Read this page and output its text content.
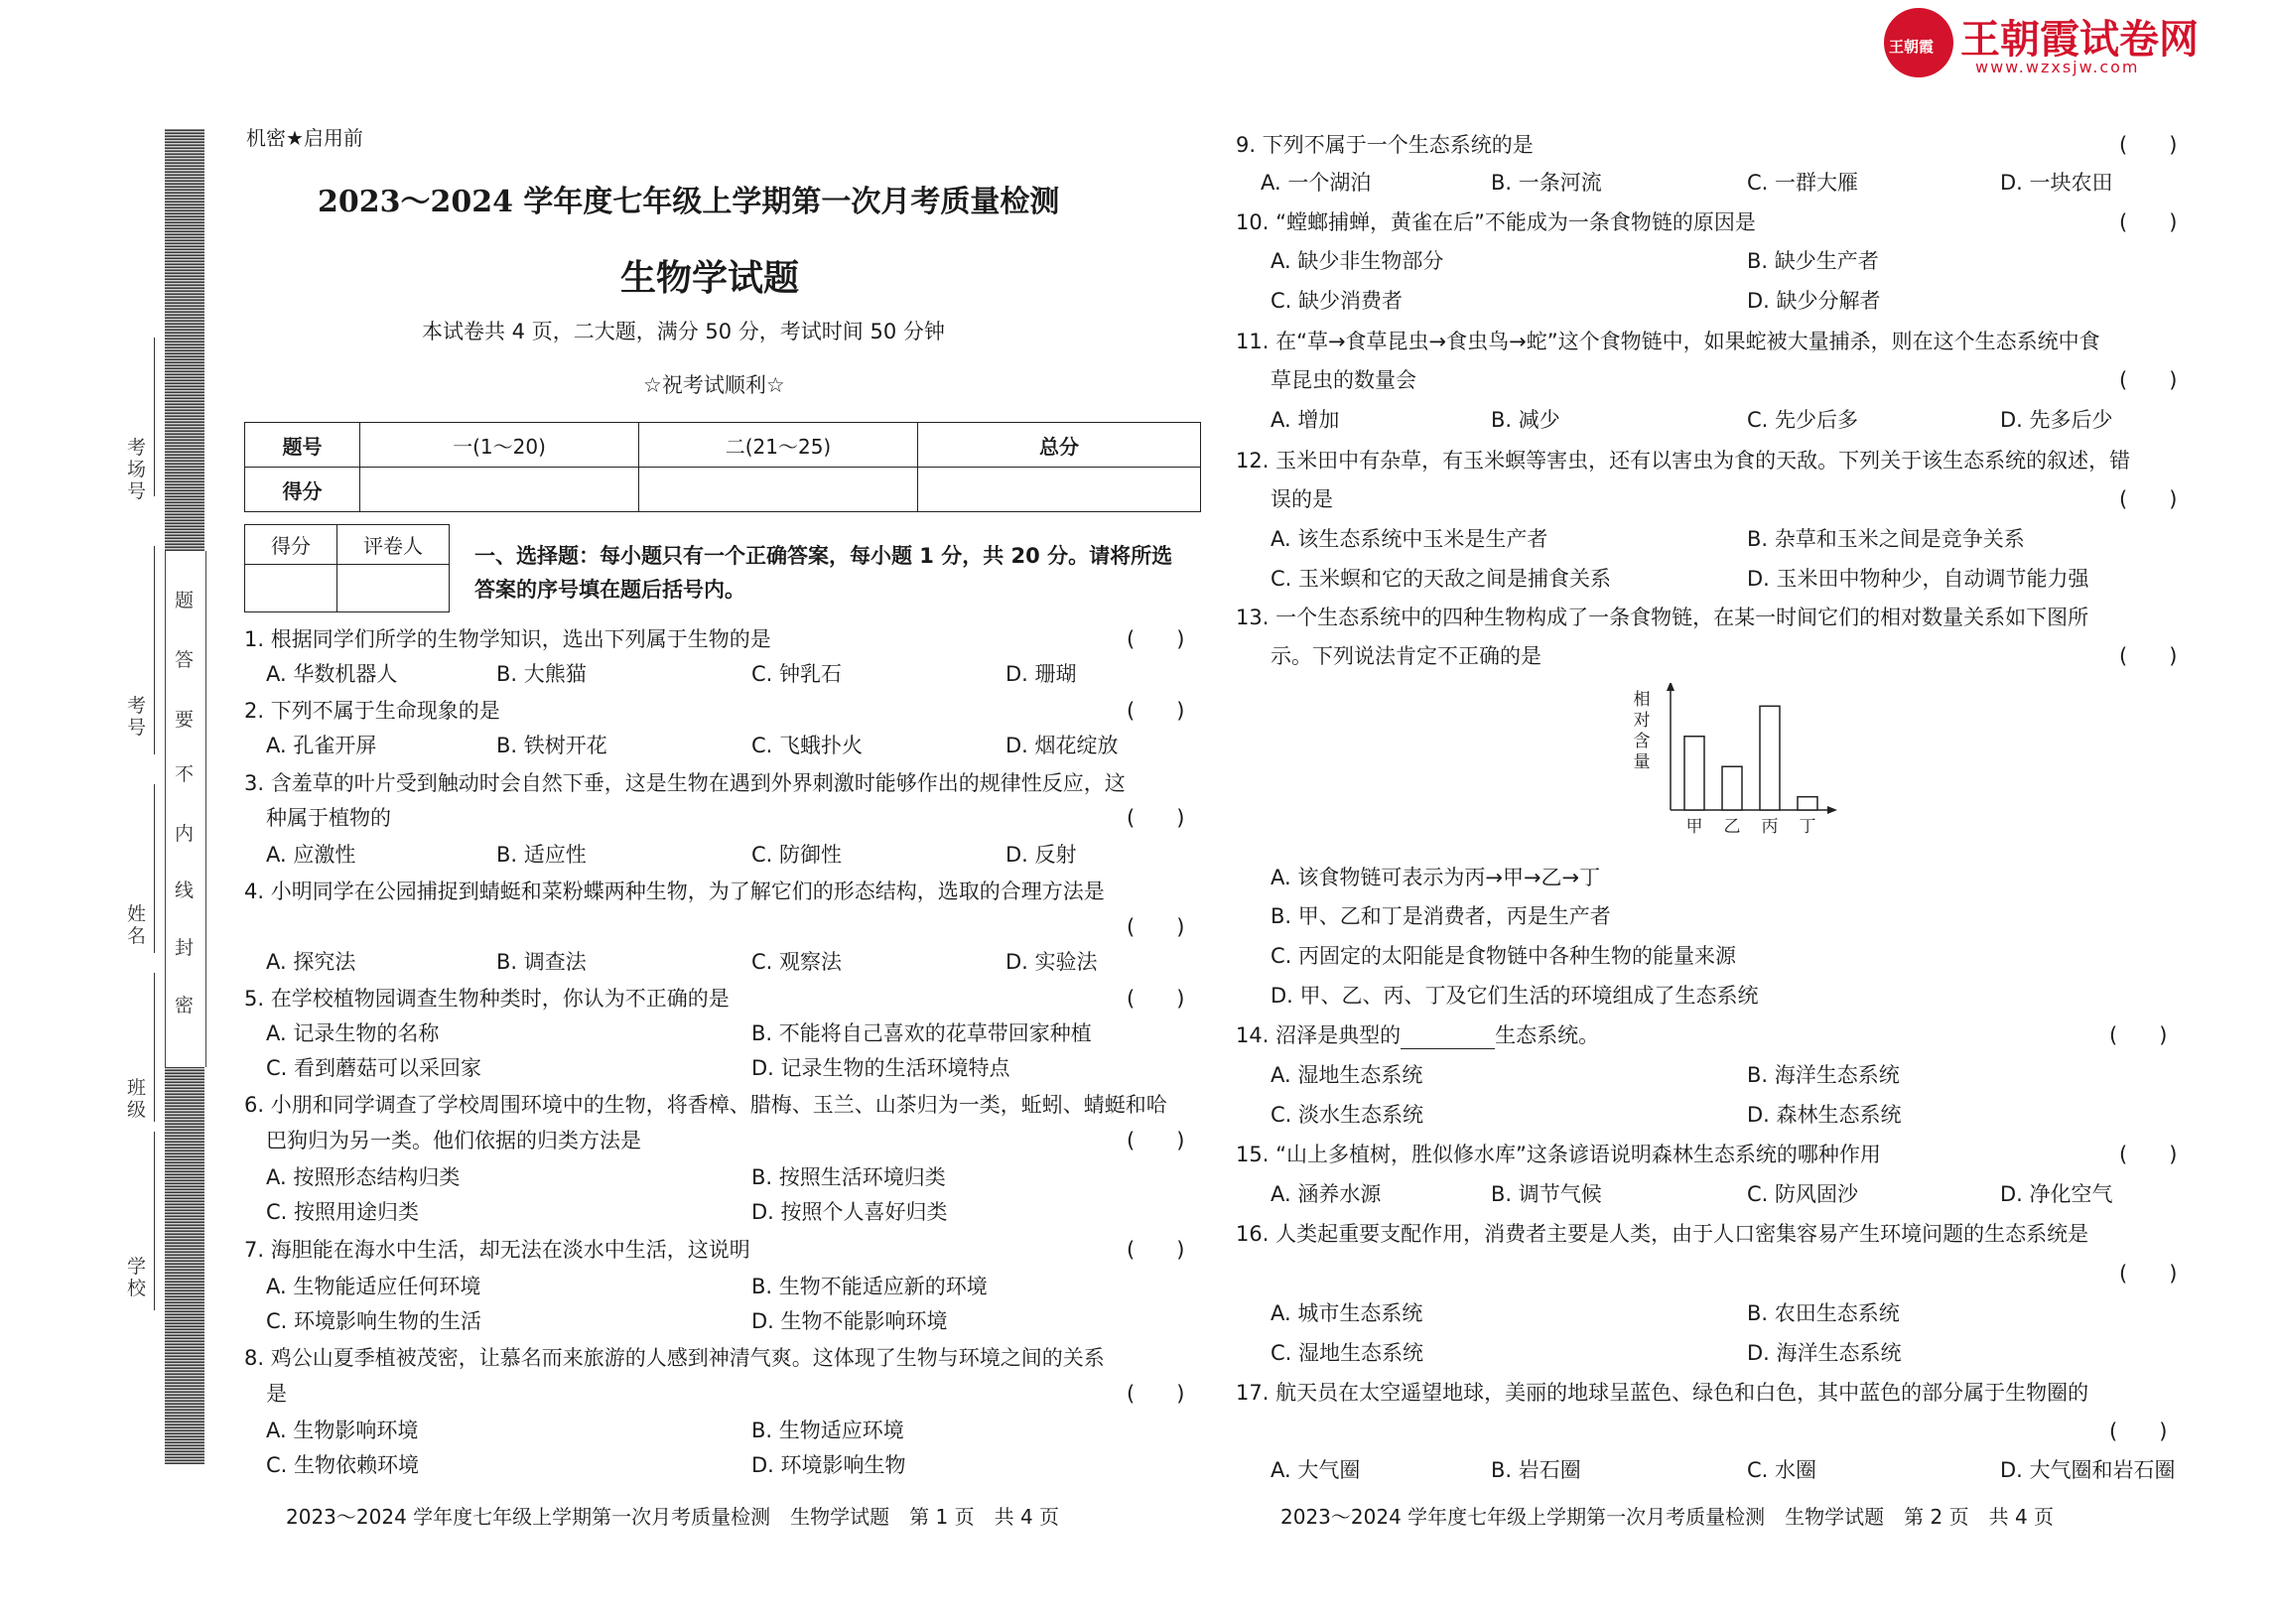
王朝霞 王朝霞试卷网
www.wzxsjw.com
题
答
要
不
内
线
封
密
考场号
考号
姓名
班级
学校
机密★启用前
2023～2024 学年度七年级上学期第一次月考质量检测
生物学试题
本试卷共 4 页，二大题，满分 50 分，考试时间 50 分钟
☆祝考试顺利☆
题号	一(1～20)	二(21～25)	总分
得分			
得分	评卷人
	一、选择题：每小题只有一个正确答案，每小题 1 分，共 20 分。请将所选
答案的序号填在题后括号内。
1. 根据同学们所学的生物学知识，选出下列属于生物的是	(　　)
A. 华数机器人	B. 大熊猫	C. 钟乳石	D. 珊瑚
2. 下列不属于生命现象的是	(　　)
A. 孔雀开屏	B. 铁树开花	C. 飞蛾扑火	D. 烟花绽放
3. 含羞草的叶片受到触动时会自然下垂，这是生物在遇到外界刺激时能够作出的规律性反应，这
种属于植物的	(　　)
A. 应激性	B. 适应性	C. 防御性	D. 反射
4. 小明同学在公园捕捉到蜻蜓和菜粉蝶两种生物，为了解它们的形态结构，选取的合理方法是
(　　)
A. 探究法	B. 调查法	C. 观察法	D. 实验法
5. 在学校植物园调查生物种类时，你认为不正确的是	(　　)
A. 记录生物的名称	B. 不能将自己喜欢的花草带回家种植
C. 看到蘑菇可以采回家	D. 记录生物的生活环境特点
6. 小朋和同学调查了学校周围环境中的生物，将香樟、腊梅、玉兰、山茶归为一类，蚯蚓、蜻蜓和哈
巴狗归为另一类。他们依据的归类方法是	(　　)
A. 按照形态结构归类	B. 按照生活环境归类
C. 按照用途归类	D. 按照个人喜好归类
7. 海胆能在海水中生活，却无法在淡水中生活，这说明	(　　)
A. 生物能适应任何环境	B. 生物不能适应新的环境
C. 环境影响生物的生活	D. 生物不能影响环境
8. 鸡公山夏季植被茂密，让慕名而来旅游的人感到神清气爽。这体现了生物与环境之间的关系
是	(　　)
A. 生物影响环境	B. 生物适应环境
C. 生物依赖环境	D. 环境影响生物
2023～2024 学年度七年级上学期第一次月考质量检测　生物学试题　第 1 页　共 4 页
9. 下列不属于一个生态系统的是	(　　)
A. 一个湖泊	B. 一条河流	C. 一群大雁	D. 一块农田
10. “螳螂捕蝉，黄雀在后”不能成为一条食物链的原因是	(　　)
A. 缺少非生物部分	B. 缺少生产者
C. 缺少消费者	D. 缺少分解者
11. 在“草→食草昆虫→食虫鸟→蛇”这个食物链中，如果蛇被大量捕杀，则在这个生态系统中食
草昆虫的数量会	(　　)
A. 增加	B. 减少	C. 先少后多	D. 先多后少
12. 玉米田中有杂草，有玉米螟等害虫，还有以害虫为食的天敌。下列关于该生态系统的叙述，错
误的是	(　　)
A. 该生态系统中玉米是生产者	B. 杂草和玉米之间是竞争关系
C. 玉米螟和它的天敌之间是捕食关系	D. 玉米田中物种少，自动调节能力强
13. 一个生态系统中的四种生物构成了一条食物链，在某一时间它们的相对数量关系如下图所
示。下列说法肯定不正确的是	(　　)
相对含量
甲 乙 丙 丁
A. 该食物链可表示为丙→甲→乙→丁
B. 甲、乙和丁是消费者，丙是生产者
C. 丙固定的太阳能是食物链中各种生物的能量来源
D. 甲、乙、丙、丁及它们生活的环境组成了生态系统
14. 沼泽是典型的	生态系统。	(　　)
A. 湿地生态系统	B. 海洋生态系统
C. 淡水生态系统	D. 森林生态系统
15. “山上多植树，胜似修水库”这条谚语说明森林生态系统的哪种作用	(　　)
A. 涵养水源	B. 调节气候	C. 防风固沙	D. 净化空气
16. 人类起重要支配作用，消费者主要是人类，由于人口密集容易产生环境问题的生态系统是
(　　)
A. 城市生态系统	B. 农田生态系统
C. 湿地生态系统	D. 海洋生态系统
17. 航天员在太空遥望地球，美丽的地球呈蓝色、绿色和白色，其中蓝色的部分属于生物圈的
(　　)
A. 大气圈	B. 岩石圈	C. 水圈	D. 大气圈和岩石圈
2023～2024 学年度七年级上学期第一次月考质量检测　生物学试题　第 2 页　共 4 页
